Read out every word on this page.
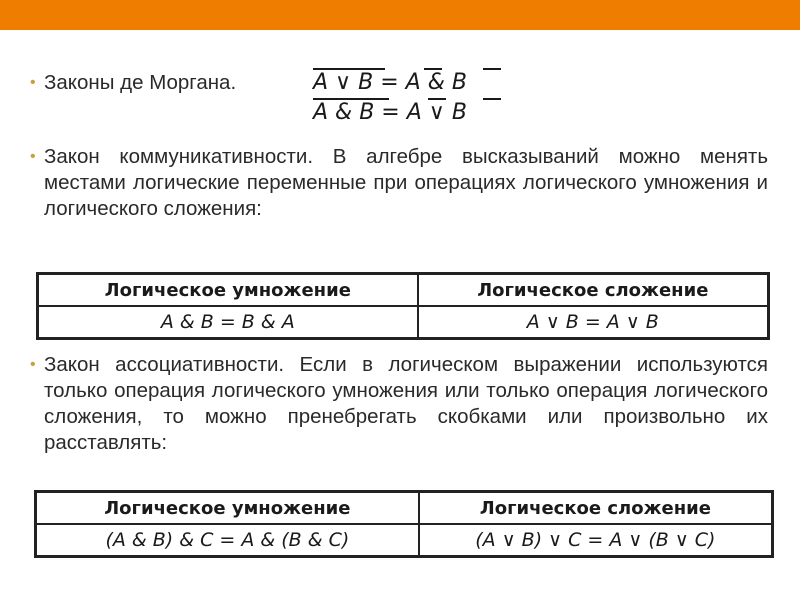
• Законы де Моргана.	A ∨ B = A & B
A & B = A ∨ B
• Закон коммуникативности. В алгебре высказываний можно менять местами логические переменные при операциях логического умножения и логического сложения:
Логическое умножение	Логическое сложение
A & B = B & A	A ∨ B = A ∨ B
• Закон ассоциативности. Если в логическом выражении используются только операция логического умножения или только операция логического сложения, то можно пренебрегать скобками или произвольно их расставлять:
Логическое умножение	Логическое сложение
(A & B) & C = A & (B & C)	(A ∨ B) ∨ C = A ∨ (B ∨ C)
